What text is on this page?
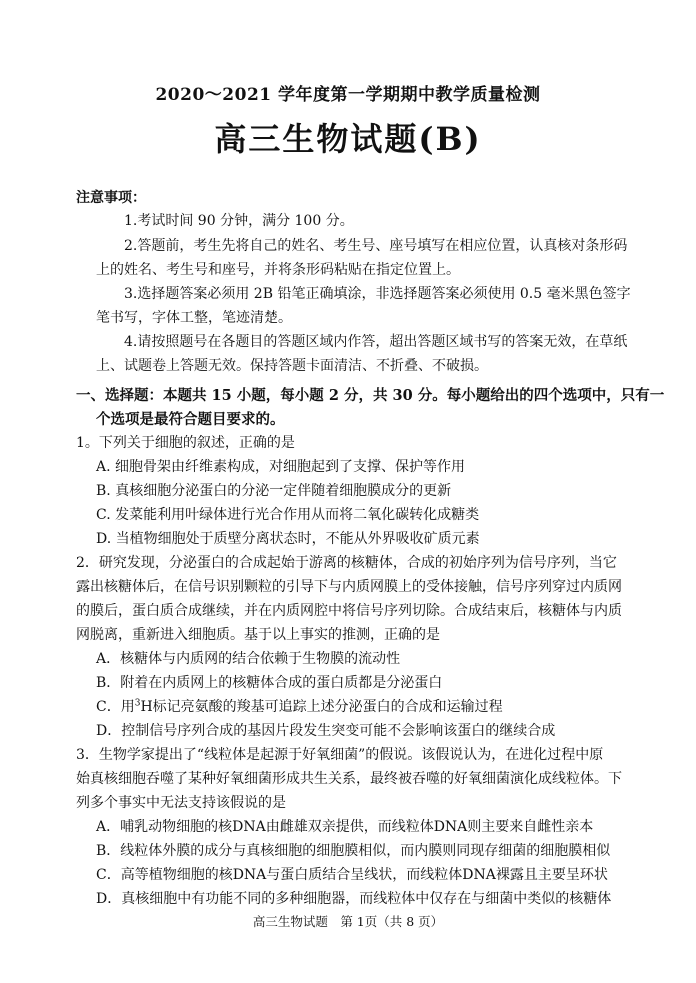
2020～2021 学年度第一学期期中教学质量检测
高三生物试题(B)
注意事项：
1.考试时间 90 分钟，满分 100 分。
2.答题前，考生先将自己的姓名、考生号、座号填写在相应位置，认真核对条形码
上的姓名、考生号和座号，并将条形码粘贴在指定位置上。
3.选择题答案必须用 2B 铅笔正确填涂，非选择题答案必须使用 0.5 毫米黑色签字
笔书写，字体工整，笔迹清楚。
4.请按照题号在各题目的答题区域内作答，超出答题区域书写的答案无效，在草纸
上、试题卷上答题无效。保持答题卡面清洁、不折叠、不破损。
一、选择题：本题共 15 小题，每小题 2 分，共 30 分。每小题给出的四个选项中，只有一
个选项是最符合题目要求的。
1。下列关于细胞的叙述，正确的是
A. 细胞骨架由纤维素构成，对细胞起到了支撑、保护等作用
B. 真核细胞分泌蛋白的分泌一定伴随着细胞膜成分的更新
C. 发菜能利用叶绿体进行光合作用从而将二氧化碳转化成糖类
D. 当植物细胞处于质壁分离状态时，不能从外界吸收矿质元素
2．研究发现，分泌蛋白的合成起始于游离的核糖体，合成的初始序列为信号序列，当它
露出核糖体后，在信号识别颗粒的引导下与内质网膜上的受体接触，信号序列穿过内质网
的膜后，蛋白质合成继续，并在内质网腔中将信号序列切除。合成结束后，核糖体与内质
网脱离，重新进入细胞质。基于以上事实的推测，正确的是
A．核糖体与内质网的结合依赖于生物膜的流动性
B．附着在内质网上的核糖体合成的蛋白质都是分泌蛋白
C．用$^3$H标记亮氨酸的羧基可追踪上述分泌蛋白的合成和运输过程
D．控制信号序列合成的基因片段发生突变可能不会影响该蛋白的继续合成
3．生物学家提出了“线粒体是起源于好氧细菌”的假说。该假说认为，在进化过程中原
始真核细胞吞噬了某种好氧细菌形成共生关系，最终被吞噬的好氧细菌演化成线粒体。下
列多个事实中无法支持该假说的是
A．哺乳动物细胞的核DNA由雌雄双亲提供，而线粒体DNA则主要来自雌性亲本
B．线粒体外膜的成分与真核细胞的细胞膜相似，而内膜则同现存细菌的细胞膜相似
C．高等植物细胞的核DNA与蛋白质结合呈线状，而线粒体DNA裸露且主要呈环状
D．真核细胞中有功能不同的多种细胞器，而线粒体中仅存在与细菌中类似的核糖体
高三生物试题　第 1页（共 8 页）
